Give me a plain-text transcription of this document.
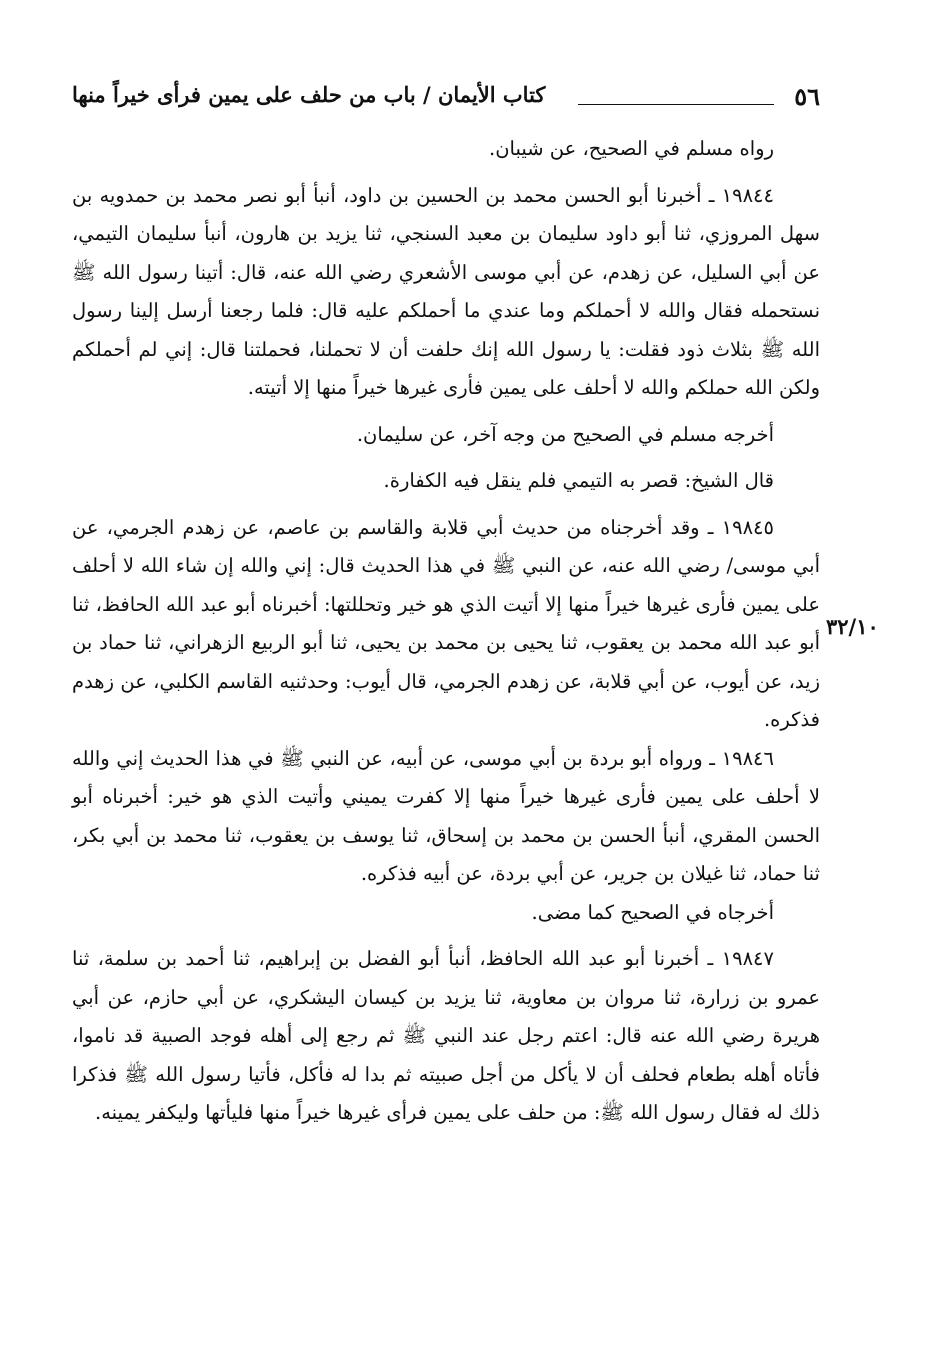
٥٦
كتاب الأيمان / باب من حلف على يمين فرأى خيراً منها
٣٢/١٠

رواه مسلم في الصحيح، عن شيبان.

١٩٨٤٤ ـ أخبرنا أبو الحسن محمد بن الحسين بن داود، أنبأ أبو نصر محمد بن حمدويه بن سهل المروزي، ثنا أبو داود سليمان بن معبد السنجي، ثنا يزيد بن هارون، أنبأ سليمان التيمي، عن أبي السليل، عن زهدم، عن أبي موسى الأشعري رضي الله عنه، قال: أتينا رسول الله ﷺ نستحمله فقال والله لا أحملكم وما عندي ما أحملكم عليه قال: فلما رجعنا أرسل إلينا رسول الله ﷺ بثلاث ذود فقلت: يا رسول الله إنك حلفت أن لا تحملنا، فحملتنا قال: إني لم أحملكم ولكن الله حملكم والله لا أحلف على يمين فأرى غيرها خيراً منها إلا أتيته.

أخرجه مسلم في الصحيح من وجه آخر، عن سليمان.

قال الشيخ: قصر به التيمي فلم ينقل فيه الكفارة.

١٩٨٤٥ ـ وقد أخرجناه من حديث أبي قلابة والقاسم بن عاصم، عن زهدم الجرمي، عن أبي موسى/ رضي الله عنه، عن النبي ﷺ في هذا الحديث قال: إني والله إن شاء الله لا أحلف على يمين فأرى غيرها خيراً منها إلا أتيت الذي هو خير وتحللتها: أخبرناه أبو عبد الله الحافظ، ثنا أبو عبد الله محمد بن يعقوب، ثنا يحيى بن محمد بن يحيى، ثنا أبو الربيع الزهراني، ثنا حماد بن زيد، عن أيوب، عن أبي قلابة، عن زهدم الجرمي، قال أيوب: وحدثنيه القاسم الكلبي، عن زهدم فذكره.

١٩٨٤٦ ـ ورواه أبو بردة بن أبي موسى، عن أبيه، عن النبي ﷺ في هذا الحديث إني والله لا أحلف على يمين فأرى غيرها خيراً منها إلا كفرت يميني وأتيت الذي هو خير: أخبرناه أبو الحسن المقري، أنبأ الحسن بن محمد بن إسحاق، ثنا يوسف بن يعقوب، ثنا محمد بن أبي بكر، ثنا حماد، ثنا غيلان بن جرير، عن أبي بردة، عن أبيه فذكره.

أخرجاه في الصحيح كما مضى.

١٩٨٤٧ ـ أخبرنا أبو عبد الله الحافظ، أنبأ أبو الفضل بن إبراهيم، ثنا أحمد بن سلمة، ثنا عمرو بن زرارة، ثنا مروان بن معاوية، ثنا يزيد بن كيسان اليشكري، عن أبي حازم، عن أبي هريرة رضي الله عنه قال: اعتم رجل عند النبي ﷺ ثم رجع إلى أهله فوجد الصبية قد ناموا، فأتاه أهله بطعام فحلف أن لا يأكل من أجل صبيته ثم بدا له فأكل، فأتيا رسول الله ﷺ فذكرا ذلك له فقال رسول الله ﷺ: من حلف على يمين فرأى غيرها خيراً منها فليأتها وليكفر يمينه.
